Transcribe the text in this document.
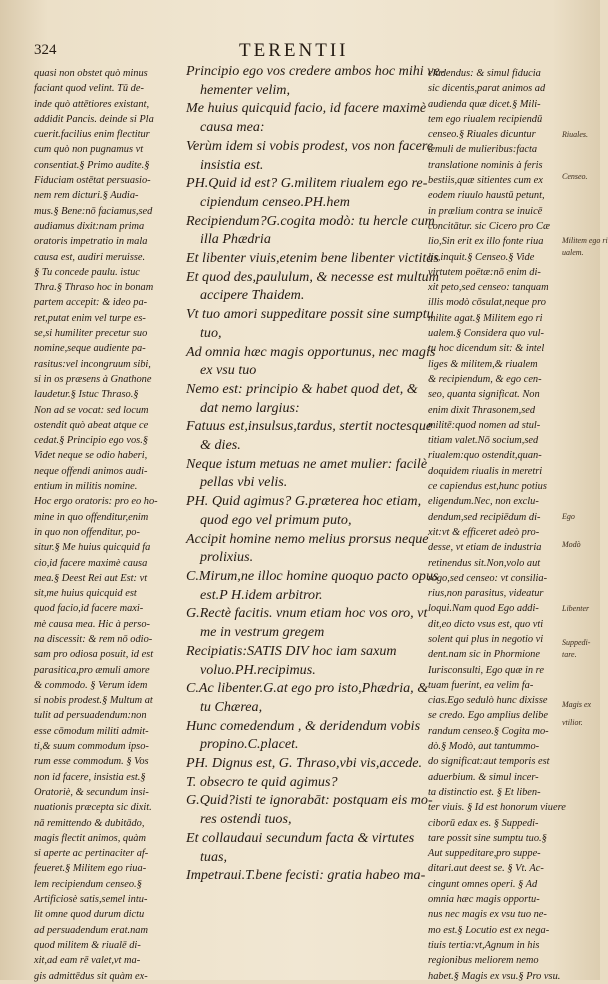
324	TERENTII
quasi non obstet quò minus
faciant quod velint. Tū de-
inde quò attētiores existant,
addidit Pancis. deinde si Pla
cuerit.facilius enim flectitur
cum quò non pugnamus vt
consentiat.§ Primo audite.§
Fiduciam ostētat persuasio-
nem rem dicturi.§ Audia-
mus.§ Bene:nō faciamus,sed
audiamus dixit:nam prima
oratoris impetratio in mala
causa est, audiri meruisse.
§ Tu concede paulu. istuc
Thra.§ Thraso hoc in bonam
partem accepit: & ideo pa-
ret,putat enim vel turpe es-
se,si humiliter precetur suo
nomine,seque audiente pa-
rasitus:vel incongruum sibi,
si in os præsens à Gnathone
laudetur.§ Istuc Thraso.§
Non ad se vocat: sed locum
ostendit quò abeat atque ce
cedat.§ Principio ego vos.§
Videt neque se odio haberi,
neque offendi animos audi-
entium in militis nomine.
Hoc ergo oratoris: pro eo ho-
mine in quo offenditur,enim
in quo non offenditur, po-
situr.§ Me huius quicquid fa
cio,id facere maximè causa
mea.§ Deest Rei aut Est: vt
sit,me huius quicquid est
quod facio,id facere maxi-
mè causa mea. Hic à perso-
na discessit: & rem nō odio-
sam pro odiosa posuit, id est
parasitica,pro æmuli amore
& commodo. § Verum idem
si nobis prodest.§ Multum at
tulit ad persuadendum:non
esse cōmodum militi admit-
ti,& suum commodum ipso-
rum esse commodum. § Vos
non id facere, insistia est.§
Oratoriè, & secundum insi-
nuationis præcepta sic dixit.
nā remittendo & dubitādo,
magis flectit animos, quàm
si aperte ac pertinaciter af-
feueret.§ Militem ego riua-
lem recipiendum censeo.§
Artificiosè satis,semel intu-
lit omne quod durum dictu
ad persuadendum erat.nam
quod militem & riualē di-
xit,ad eam rē valet,vt ma-
gis admittēdus sit quàm ex-
Principio ego vos credere ambos hoc mihi ve-
hementer velim,
Me huius quicquid facio, id facere maximè
causa mea:
Verùm idem si vobis prodest, vos non facere
insistia est.
PH.Quid id est? G.militem riualem ego re-
cipiendum censeo.PH.hem
Recipiendum?G.cogita modò: tu hercle cum
illa Phædria
Et libenter viuis,etenim bene libenter victitas
Et quod des,paululum, & necesse est multum
accipere Thaidem.
Vt tuo amori suppeditare possit sine sumptu
tuo,
Ad omnia hæc magis opportunus, nec magis
ex vsu tuo
Nemo est: principio & habet quod det, &
dat nemo largius:
Fatuus est,insulsus,tardus, stertit noctesque
& dies.
Neque istum metuas ne amet mulier: facilè
pellas vbi velis.
PH. Quid agimus? G.præterea hoc etiam,
quod ego vel primum puto,
Accipit homine nemo melius prorsus neque
prolixius.
C.Mirum,ne illoc homine quoquo pacto opus
est.P H.idem arbitror.
G.Rectè facitis. vnum etiam hoc vos oro, vt
me in vestrum gregem
Recipiatis:SATIS DIV hoc iam saxum
voluo.PH.recipimus.
C.Ac libenter.G.at ego pro isto,Phædria, &
tu Chærea,
Hunc comedendum , & deridendum vobis
propino.C.placet.
PH. Dignus est, G. Thraso,vbi vis,accede.
T. obsecro te quid agimus?
G.Quid?isti te ignorabāt: postquam eis mo-
res ostendi tuos,
Et collaudaui secundum facta & virtutes
tuas,
Impetraui.T.bene fecisti: gratia habeo ma-
cludendus: & simul fiducia
sic dicentis,parat animos ad
audienda quæ dicet.§ Mili-
tem ego riualem recipiendū
censeo.§ Riuales dicuntur
æmuli de mulieribus:facta
translatione nominis à feris
bestiis,quæ sitientes cum ex
eodem riuulo haustū petunt,
in prælium contra se inuicē
concitātur. sic Cicero pro Cæ
lio,Sin erit ex illo fonte riua
lis,inquit.§ Censeo.§ Vide
virtutem poëtæ:nō enim di-
xit peto,sed censeo: tanquam
illis modò cōsulat,neque pro
milite agat.§ Militem ego ri
ualem.§ Considera quo vul-
tu hoc dicendum sit: & intel
liges & militem,& riualem
& recipiendum, & ego cen-
seo, quanta significat. Non
enim dixit Thrasonem,sed
militē:quod nomen ad stul-
titiam valet.Nō socium,sed
riualem:quo ostendit,quan-
doquidem riualis in meretri
ce capiendus est,hunc potius
eligendum.Nec, non exclu-
dendum,sed recipiēdum di-
xit:vt & efficeret adeò pro-
desse, vt etiam de industria
retinendus sit.Non,volo aut
rogo,sed censeo: vt consilia-
rius,non parasitus, videatur
loqui.Nam quod Ego addi-
dit,eo dicto vsus est, quo vti
solent qui plus in negotio vi
dent.nam sic in Phormione
Iurisconsulti, Ego quæ in re
tuam fuerint, ea velim fa-
cias.Ego sedulò hunc dixisse
se credo. Ego amplius delibe
randum censeo.§ Cogita mo-
dò.§ Modò, aut tantummo-
do significat:aut temporis est
aduerbium. & simul incer-
ta distinctio est. § Et liben-
ter viuis. § Id est honorum viuere
ciborū edax es. § Suppedi-
tare possit sine sumptu tuo.§
Aut suppeditare,pro suppe-
ditari.aut deest se. § Vt. Ac-
cingunt omnes operi. § Ad
omnia hæc magis opportu-
nus nec magis ex vsu tuo ne-
mo est.§ Locutio est ex nega-
tiuis tertia:vt,Agnum in his
regionibus meliorem nemo
habet.§ Magis ex vsu.§ Pro vsu.
Riuales.
Censeo.
Militem ego ri
ualem.
Ego
Modò
Libenter
Suppedi-
tare.
Magis ex
vtilior.
